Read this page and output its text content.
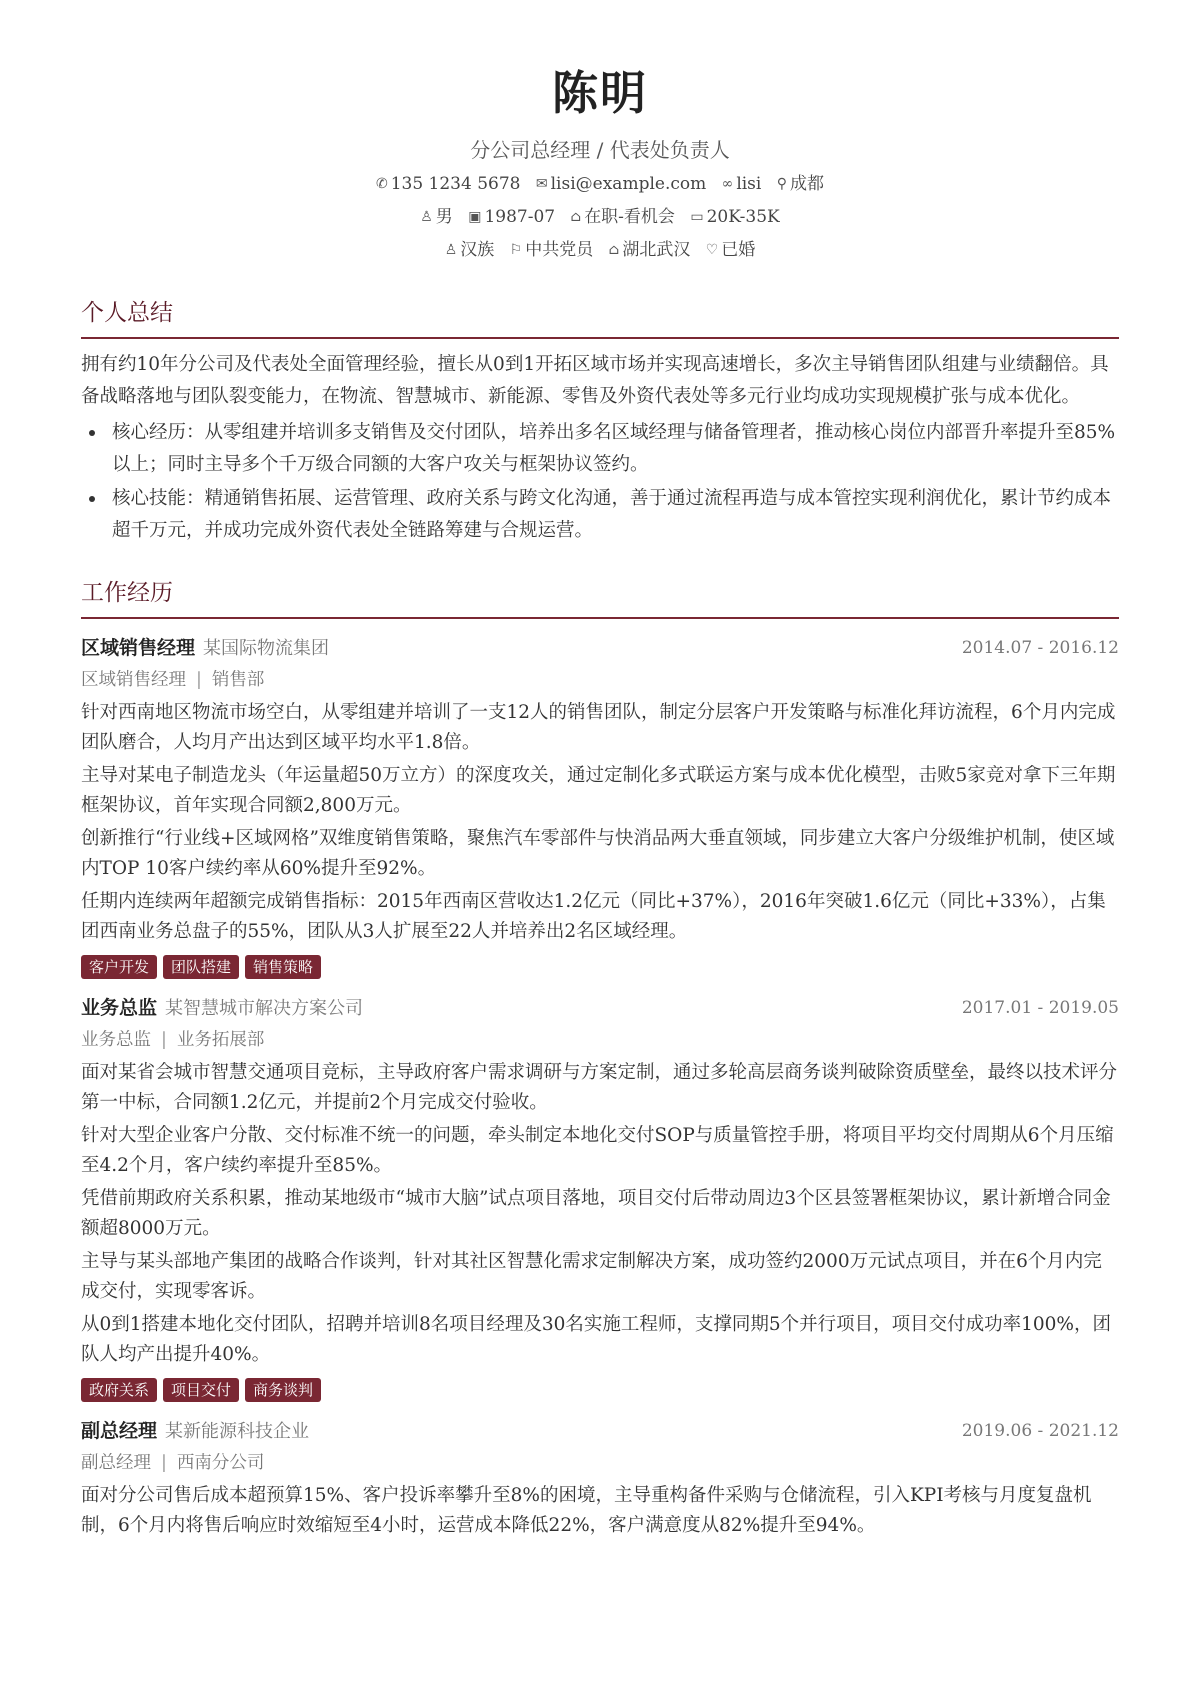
陈明
分公司总经理 / 代表处负责人
✆ 135 1234 5678 ✉ lisi@example.com ∞ lisi ⚲ 成都
♙ 男 ▣ 1987-07 ⌂ 在职-看机会 ▭ 20K-35K
♙ 汉族 ⚐ 中共党员 ⌂ 湖北武汉 ♡ 已婚
个人总结
拥有约10年分公司及代表处全面管理经验，擅长从0到1开拓区域市场并实现高速增长，多次主导销售团队组建与业绩翻倍。具备战略落地与团队裂变能力，在物流、智慧城市、新能源、零售及外资代表处等多元行业均成功实现规模扩张与成本优化。
核心经历：从零组建并培训多支销售及交付团队，培养出多名区域经理与储备管理者，推动核心岗位内部晋升率提升至85%以上；同时主导多个千万级合同额的大客户攻关与框架协议签约。
核心技能：精通销售拓展、运营管理、政府关系与跨文化沟通，善于通过流程再造与成本管控实现利润优化，累计节约成本超千万元，并成功完成外资代表处全链路筹建与合规运营。
工作经历
区域销售经理 某国际物流集团	2014.07 - 2016.12
区域销售经理 | 销售部
针对西南地区物流市场空白，从零组建并培训了一支12人的销售团队，制定分层客户开发策略与标准化拜访流程，6个月内完成团队磨合，人均月产出达到区域平均水平1.8倍。
主导对某电子制造龙头（年运量超50万立方）的深度攻关，通过定制化多式联运方案与成本优化模型，击败5家竞对拿下三年期框架协议，首年实现合同额2,800万元。
创新推行“行业线+区域网格”双维度销售策略，聚焦汽车零部件与快消品两大垂直领域，同步建立大客户分级维护机制，使区域内TOP 10客户续约率从60%提升至92%。
任期内连续两年超额完成销售指标：2015年西南区营收达1.2亿元（同比+37%），2016年突破1.6亿元（同比+33%），占集团西南业务总盘子的55%，团队从3人扩展至22人并培养出2名区域经理。
客户开发 团队搭建 销售策略
业务总监 某智慧城市解决方案公司	2017.01 - 2019.05
业务总监 | 业务拓展部
面对某省会城市智慧交通项目竞标，主导政府客户需求调研与方案定制，通过多轮高层商务谈判破除资质壁垒，最终以技术评分第一中标，合同额1.2亿元，并提前2个月完成交付验收。
针对大型企业客户分散、交付标准不统一的问题，牵头制定本地化交付SOP与质量管控手册，将项目平均交付周期从6个月压缩至4.2个月，客户续约率提升至85%。
凭借前期政府关系积累，推动某地级市“城市大脑”试点项目落地，项目交付后带动周边3个区县签署框架协议，累计新增合同金额超8000万元。
主导与某头部地产集团的战略合作谈判，针对其社区智慧化需求定制解决方案，成功签约2000万元试点项目，并在6个月内完成交付，实现零客诉。
从0到1搭建本地化交付团队，招聘并培训8名项目经理及30名实施工程师，支撑同期5个并行项目，项目交付成功率100%，团队人均产出提升40%。
政府关系 项目交付 商务谈判
副总经理 某新能源科技企业	2019.06 - 2021.12
副总经理 | 西南分公司
面对分公司售后成本超预算15%、客户投诉率攀升至8%的困境，主导重构备件采购与仓储流程，引入KPI考核与月度复盘机制，6个月内将售后响应时效缩短至4小时，运营成本降低22%，客户满意度从82%提升至94%。
